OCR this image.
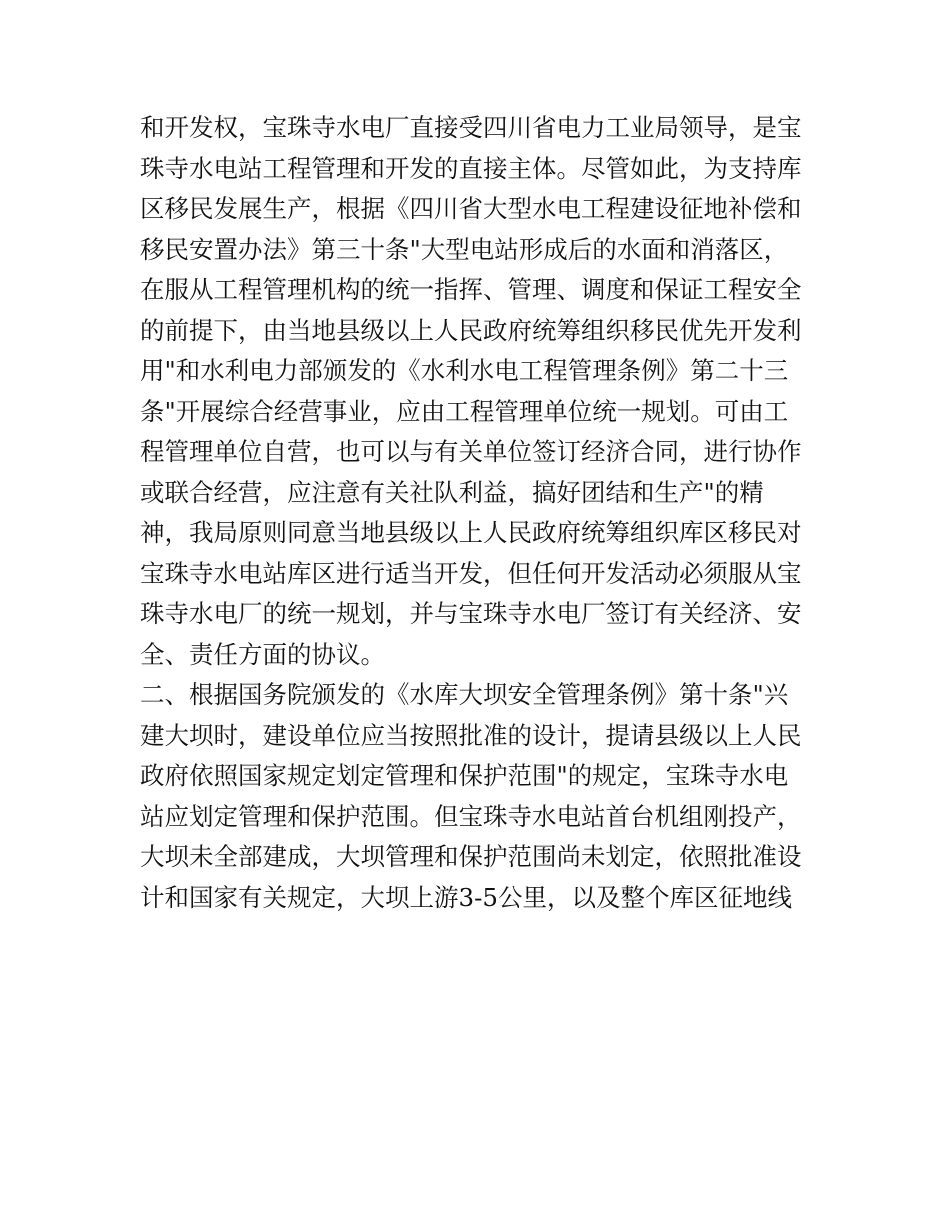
和开发权，宝珠寺水电厂直接受四川省电力工业局领导，是宝
珠寺水电站工程管理和开发的直接主体。尽管如此，为支持库
区移民发展生产，根据《四川省大型水电工程建设征地补偿和
移民安置办法》第三十条"大型电站形成后的水面和消落区，
在服从工程管理机构的统一指挥、管理、调度和保证工程安全
的前提下，由当地县级以上人民政府统筹组织移民优先开发利
用"和水利电力部颁发的《水利水电工程管理条例》第二十三
条"开展综合经营事业，应由工程管理单位统一规划。可由工
程管理单位自营，也可以与有关单位签订经济合同，进行协作
或联合经营，应注意有关社队利益，搞好团结和生产"的精
神，我局原则同意当地县级以上人民政府统筹组织库区移民对
宝珠寺水电站库区进行适当开发，但任何开发活动必须服从宝
珠寺水电厂的统一规划，并与宝珠寺水电厂签订有关经济、安
全、责任方面的协议。
二、根据国务院颁发的《水库大坝安全管理条例》第十条"兴
建大坝时，建设单位应当按照批准的设计，提请县级以上人民
政府依照国家规定划定管理和保护范围"的规定，宝珠寺水电
站应划定管理和保护范围。但宝珠寺水电站首台机组刚投产，
大坝未全部建成，大坝管理和保护范围尚未划定，依照批准设
计和国家有关规定，大坝上游3-5公里，以及整个库区征地线
